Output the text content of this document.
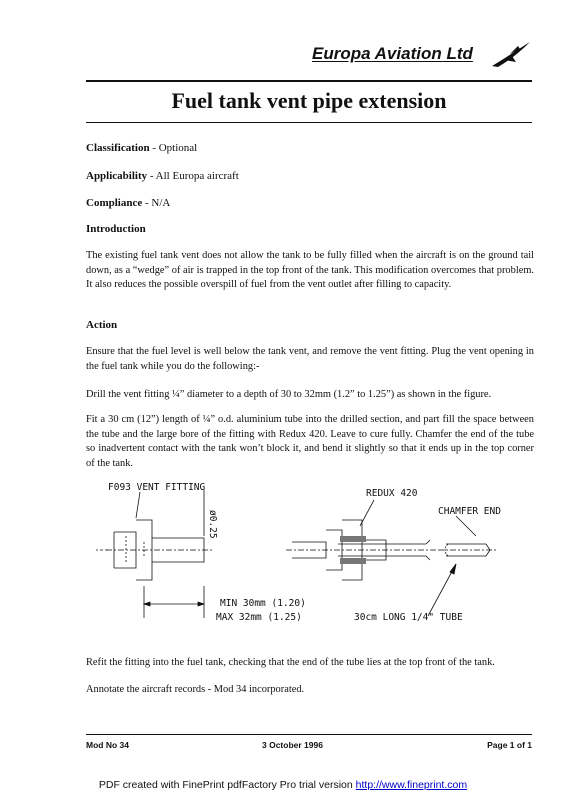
Europa Aviation Ltd
Fuel tank vent pipe extension
Classification - Optional
Applicability - All Europa aircraft
Compliance - N/A
Introduction
The existing fuel tank vent does not allow the tank to be fully filled when the aircraft is on the ground tail down, as a “wedge” of air is trapped in the top front of the tank. This modification overcomes that problem. It also reduces the possible overspill of fuel from the vent outlet after filling to capacity.
Action
Ensure that the fuel level is well below the tank vent, and remove the vent fitting. Plug the vent opening in the fuel tank while you do the following:-
Drill the vent fitting ¼” diameter to a depth of 30 to 32mm (1.2” to 1.25”) as shown in the figure.
Fit a 30 cm (12”) length of ¼” o.d. aluminium tube into the drilled section, and part fill the space between the tube and the large bore of the fitting with Redux 420. Leave to cure fully. Chamfer the end of the tube so inadvertent contact with the tank won’t block it, and bend it slightly so that it ends up in the top corner of the tank.
F093 VENT FITTING
ø0.25
REDUX 420
CHAMFER END
MIN 30mm (1.20)
MAX 32mm (1.25)	30cm LONG 1/4" TUBE
Refit the fitting into the fuel tank, checking that the end of the tube lies at the top front of the tank.
Annotate the aircraft records - Mod 34 incorporated.
Mod No 34	3 October 1996	Page 1 of 1
PDF created with FinePrint pdfFactory Pro trial version http://www.fineprint.com
